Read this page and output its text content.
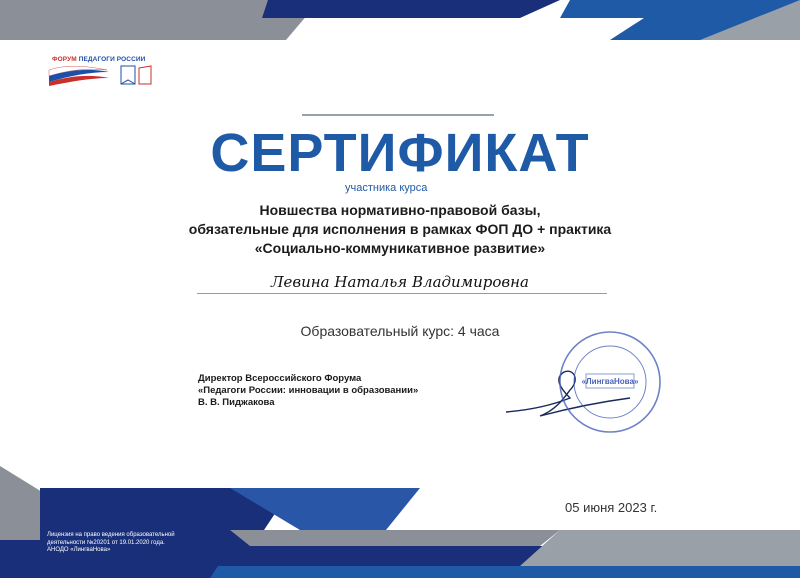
ФОРУМ ПЕДАГОГИ РОССИИ
СЕРТИФИКАТ
участника курса
Новшества нормативно-правовой базы,
обязательные для исполнения в рамках ФОП ДО + практика
«Социально-коммуникативное развитие»
Левина Наталья Владимировна
Образовательный курс: 4 часа
Директор Всероссийского Форума
«Педагоги России: инновации в образовании»
В. В. Пиджакова
«ЛингваНова»
05 июня 2023 г.
Лицензия на право ведения образовательной
деятельности №20201 от 19.01.2020 года.
АНОДО «ЛингваНова»
